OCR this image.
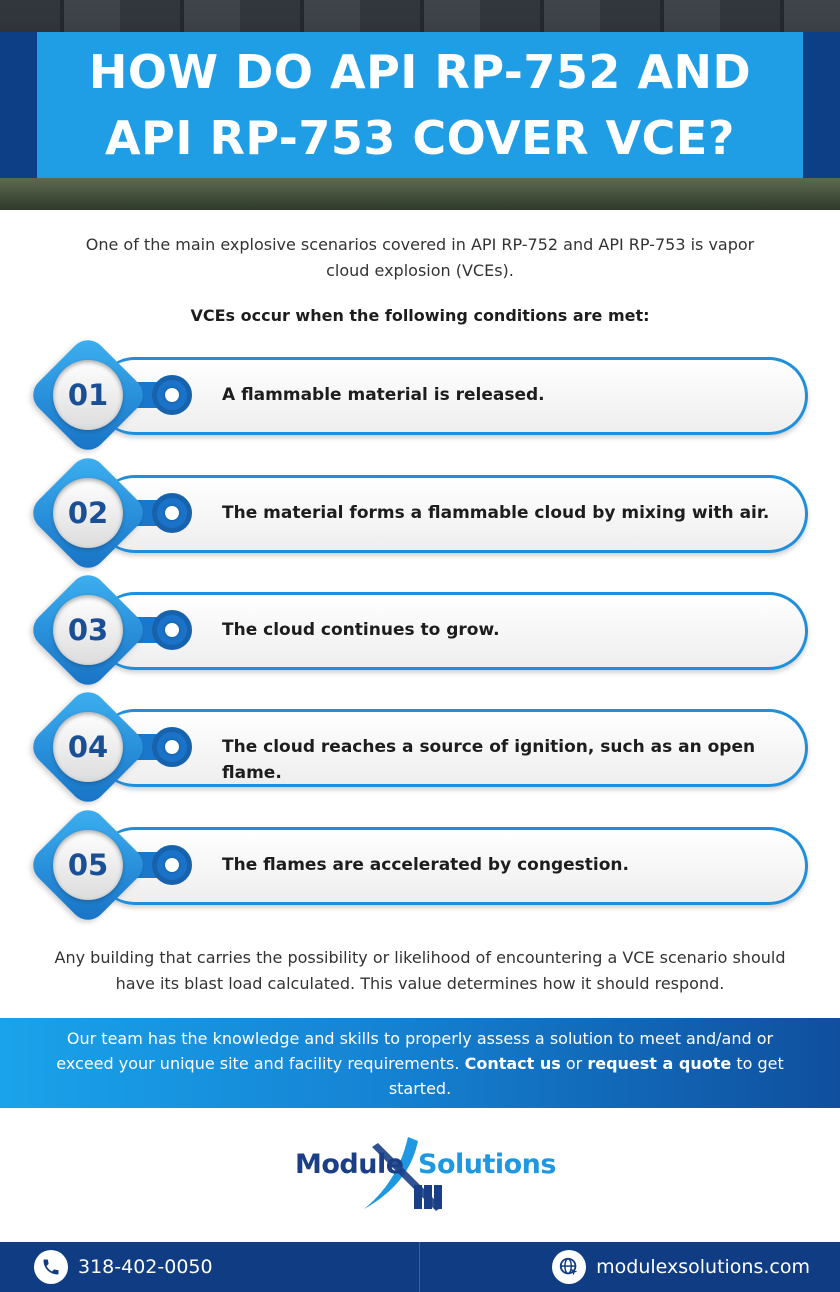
HOW DO API RP-752 AND API RP-753 COVER VCE?

One of the main explosive scenarios covered in API RP-752 and API RP-753 is vapor cloud explosion (VCEs).

VCEs occur when the following conditions are met:

01	A flammable material is released.
02	The material forms a flammable cloud by mixing with air.
03	The cloud continues to grow.
04	The cloud reaches a source of ignition, such as an open flame.
05	The flames are accelerated by congestion.

Any building that carries the possibility or likelihood of encountering a VCE scenario should have its blast load calculated. This value determines how it should respond.

Our team has the knowledge and skills to properly assess a solution to meet and/and or exceed your unique site and facility requirements. Contact us or request a quote to get started.

Module Solutions
318-402-0050	modulexsolutions.com
